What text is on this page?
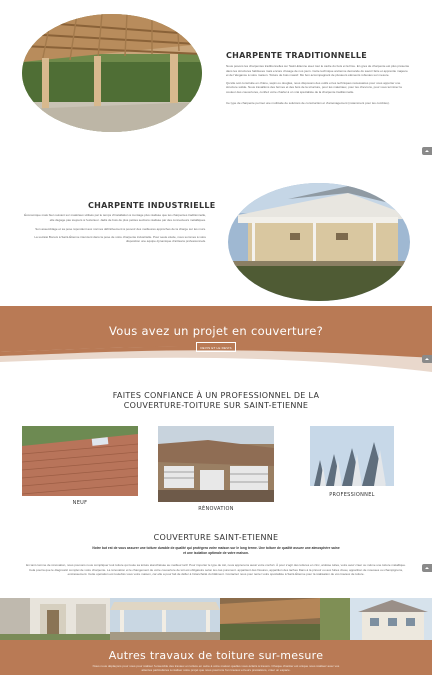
CHARPENTE TRADITIONNELLE

Nous posons les charpentes traditionnelles sur Saint-Etienne avec tout le cadre du bois et la Fixe. En gres de charpente est plus présente dans les structures habituées mais encore d’usage de nos jours. Cette technique ancienne demande du savoir faire et apprentie majeure et de l’élégance à votre maison. Toiture de bois massif. Mo bon accompagnant de plusieurs éléments robustes sur mesure.

Qu’elle soit construite en chêne, sapin ou douglas, nous disposons des outils et les techniques nécessaires pour vous apporter une structure solide. Nous travaillons des fermes et des bois de la structure, pour les matériaux, pour les chevrons, pour vous terminer la couleur des couvertures, confiez votre charlar à un vrai spécialiste de la charpente traditionnelle.

Ce type de charpente permet une multitude de solutions de construction et d’aménagement (notamment pour les combles).

CHARPENTE INDUSTRIELLE

Économique mais bien suivant sur matériaux utilisés par le temps d’installation à montage plus réalisée que les charpentes traditionnelle, elle dégage pas toujours à l’extérieur. Jadis de bois de plus petites sections réalisée par des connecteurs métalliques.

Son assemblage et sa pose répondent aux normes définitivement à pouvoir des meilleures approches de la charge sur les murs.

La société Bonuix à Saint-Étienne intervient dans la pose de votre charpente industrielle. Pour seule étude, nous sommes à votre disposition une équipe dynamique d’artisans professionnels.

Vous avez un projet en couverture?
DEVIS ET LE DEVIS
FAITES CONFIANCE À UN PROFESSIONNEL DE LA
COUVERTURE-TOITURE SUR SAINT-ETIENNE
NEUF
RÉNOVATION
PROFESSIONNEL
COUVERTURE SAINT-ETIENNE

Notre but est de vous assurer une toiture durable de qualité qui protègera votre maison sur le long terme. Une toiture de qualité assure une atmosphère saine et une isolation optimale de votre maison.

En tant comme de rénovation, nous pouvons nous compliquer tout toiture qui toute sa toiture étanchéisée au meilleur tarif. Pour importer le type de toit, nous apprenons aussi votre confort. À pour s’agir des toitures en zinc, ardoise tuiles, votre avez créer ou même une toiture métallique. Cela pourra que le diagnostic complet de votre charpente. La rénovation et le changement de votre couverture de toit est obligatoire selon les cas purement. appartient des fissures, apparition des taches Dans à la prévoir ou aux fuites d’eau, apparition de mousses ou champignons, encrassement. Cette opération est toutefois vous votre maison, car elle a pour fait de défier à l’étanchéité du bâtiment. Contactez nous pour tenter votre spécialiste à Saint-Étienne pour la réalisation de vos travaux de toiture.

Autres travaux de toiture sur-mesure

Nous nous déplaçons pour vous pour réaliser l’ensemble des travaux en toiture en outre à votre maison quelles vous éclairs à travers. Chaque chantier est unique nous réalisez avec vos attentes particulières à réaliser notre projet que nous pourrons l’en travaux et leurs prestations, créer un espace.
